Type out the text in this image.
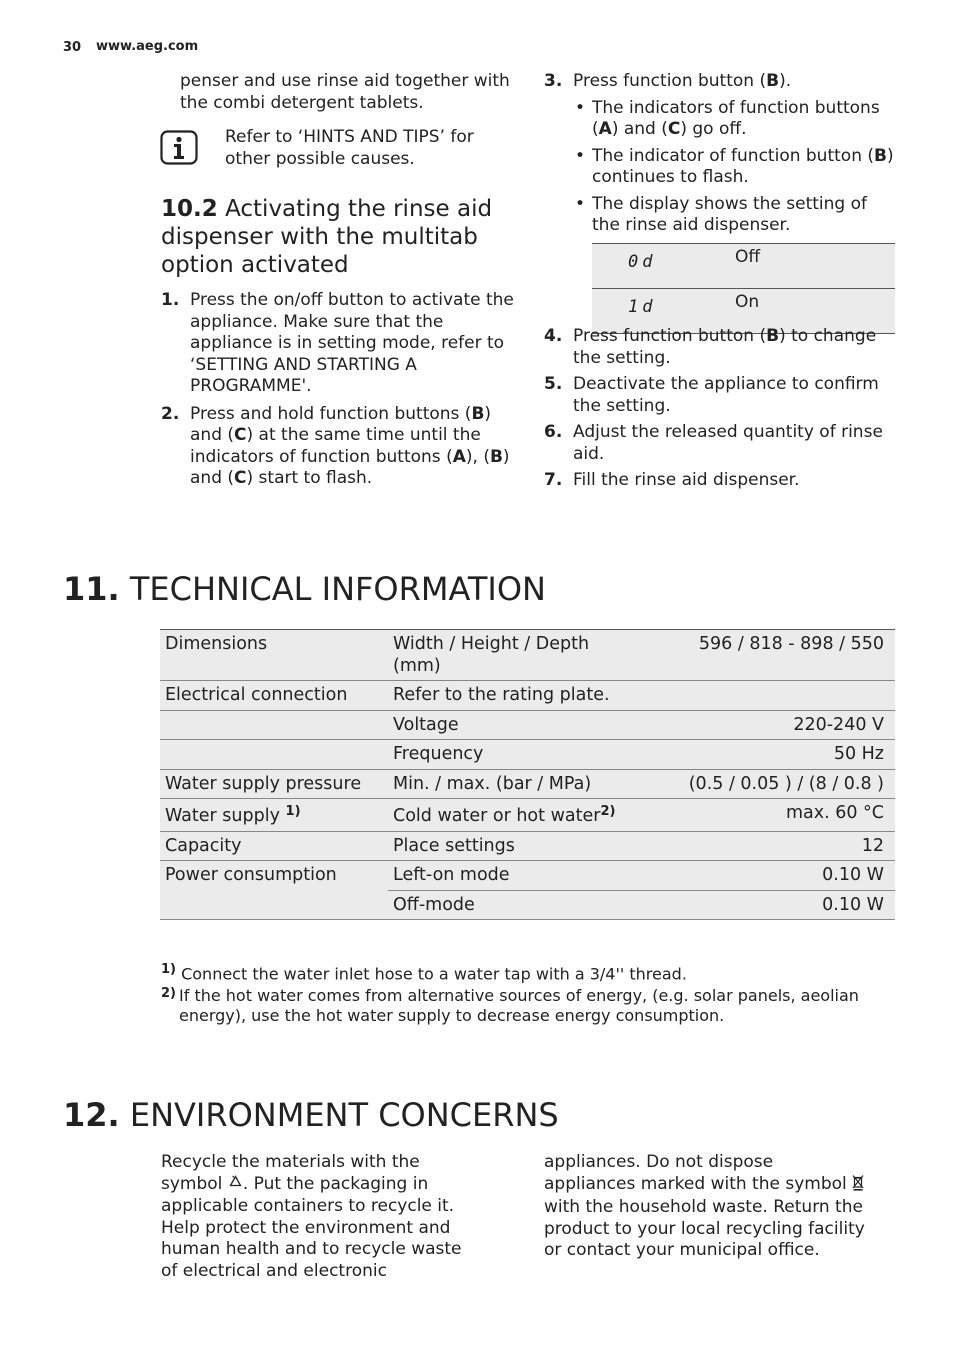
30 www.aeg.com
penser and use rinse aid together with the combi detergent tablets.
Refer to ‘HINTS AND TIPS’ for other possible causes.
10.2 Activating the rinse aid dispenser with the multitab option activated
1. Press the on/off button to activate the appliance. Make sure that the appliance is in setting mode, refer to ‘SETTING AND STARTING A PROGRAMME'.
2. Press and hold function buttons (B) and (C) at the same time until the indicators of function buttons (A), (B) and (C) start to flash.
3. Press function button (B).
• The indicators of function buttons (A) and (C) go off.
• The indicator of function button (B) continues to flash.
• The display shows the setting of the rinse aid dispenser.
0d	Off
1d	On
4. Press function button (B) to change the setting.
5. Deactivate the appliance to confirm the setting.
6. Adjust the released quantity of rinse aid.
7. Fill the rinse aid dispenser.
11. TECHNICAL INFORMATION
Dimensions	Width / Height / Depth (mm)	596 / 818 - 898 / 550
Electrical connection	Refer to the rating plate.	
	Voltage	220-240 V
	Frequency	50 Hz
Water supply pressure	Min. / max. (bar / MPa)	(0.5 / 0.05 ) / (8 / 0.8 )
Water supply $^{1)}$	Cold water or hot water$^{2)}$	max. 60 °C
Capacity	Place settings	12
Power consumption	Left-on mode	0.10 W
	Off-mode	0.10 W
$^{1)}$ Connect the water inlet hose to a water tap with a 3/4'' thread.
2) If the hot water comes from alternative sources of energy, (e.g. solar panels, aeolian energy), use the hot water supply to decrease energy consumption.
12. ENVIRONMENT CONCERNS
Recycle the materials with the symbol . Put the packaging in applicable containers to recycle it. Help protect the environment and human health and to recycle waste of electrical and electronic
appliances. Do not dispose appliances marked with the symbol  with the household waste. Return the product to your local recycling facility or contact your municipal office.
